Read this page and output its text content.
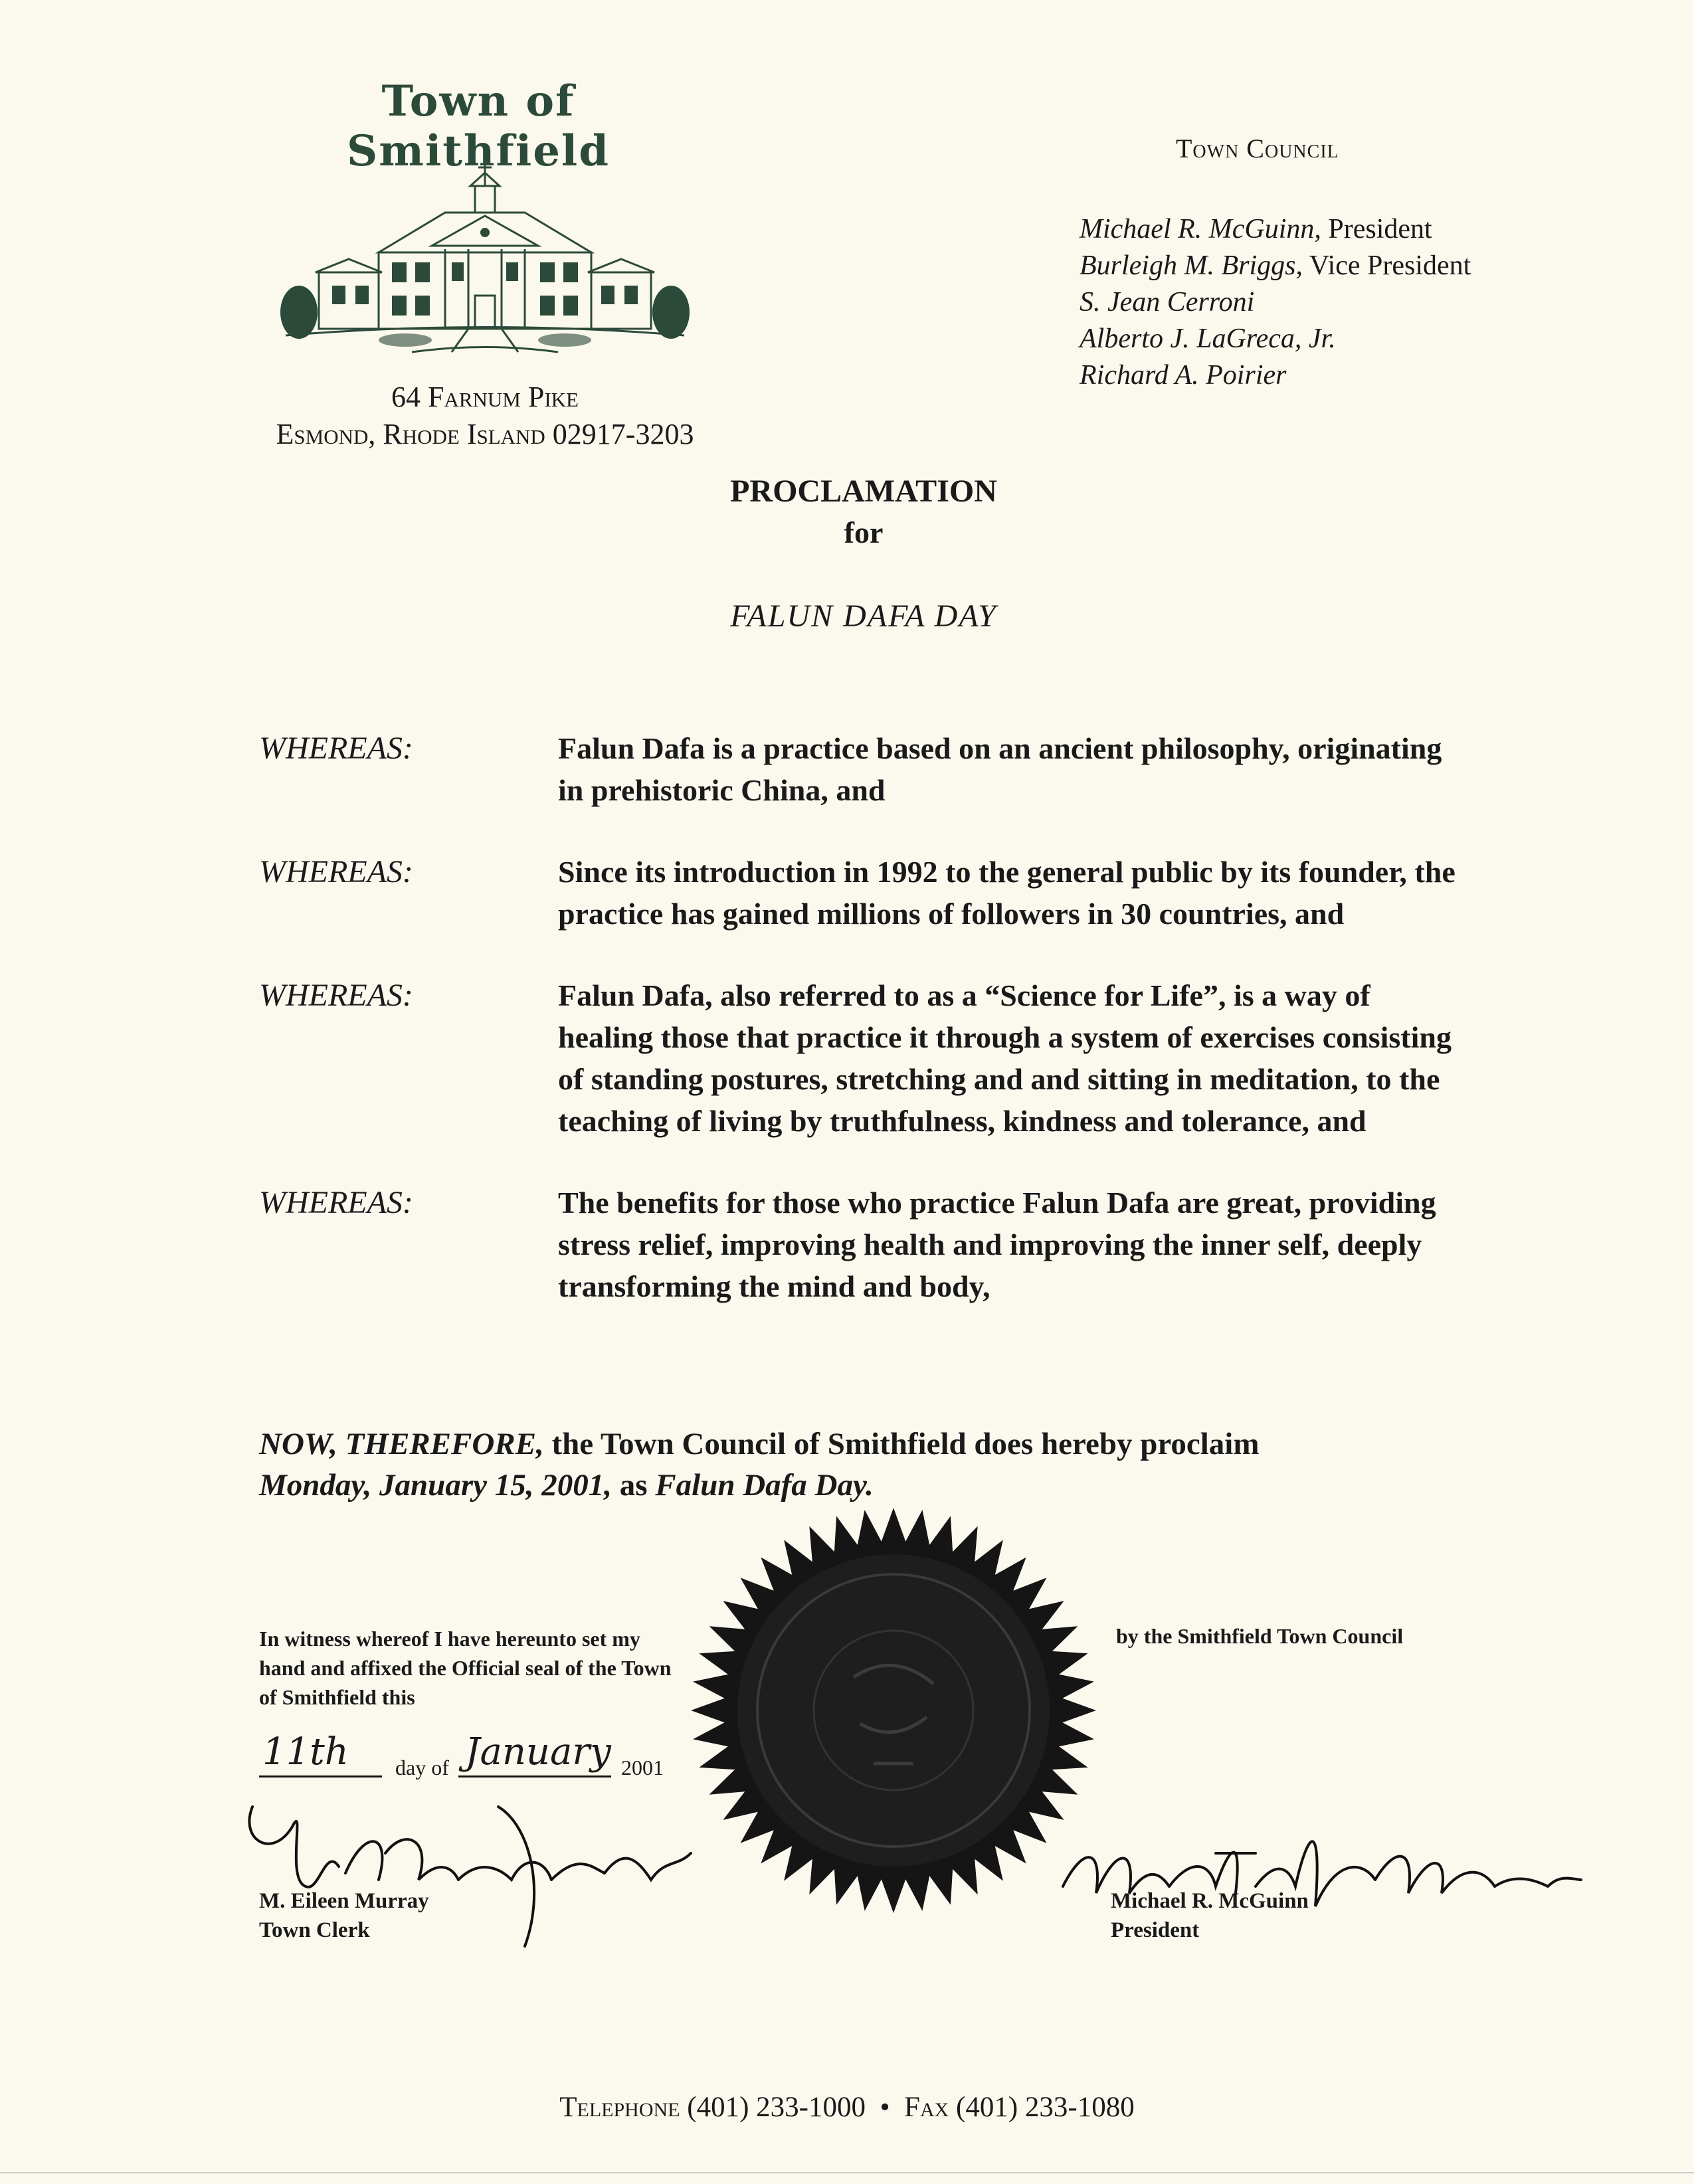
Town of Smithfield
64 Farnum Pike
Esmond, Rhode Island 02917-3203
Town Council
Michael R. McGuinn, President
Burleigh M. Briggs, Vice President
S. Jean Cerroni
Alberto J. LaGreca, Jr.
Richard A. Poirier
PROCLAMATION
for
FALUN DAFA DAY
WHEREAS:	Falun Dafa is a practice based on an ancient philosophy, originating in prehistoric China, and
WHEREAS:	Since its introduction in 1992 to the general public by its founder, the practice has gained millions of followers in 30 countries, and
WHEREAS:	Falun Dafa, also referred to as a “Science for Life”, is a way of healing those that practice it through a system of exercises consisting of standing postures, stretching and and sitting in meditation, to the teaching of living by truthfulness, kindness and tolerance, and
WHEREAS:	The benefits for those who practice Falun Dafa are great, providing stress relief, improving health and improving the inner self, deeply transforming the mind and body,
NOW, THEREFORE, the Town Council of Smithfield does hereby proclaim
Monday, January 15, 2001, as Falun Dafa Day.
In witness whereof I have hereunto set my hand and affixed the Official seal of the Town of Smithfield this
by the Smithfield Town Council
11th day of January 2001
M. Eileen Murray
Town Clerk
Michael R. McGuinn
President
Telephone (401) 233-1000 • Fax (401) 233-1080
